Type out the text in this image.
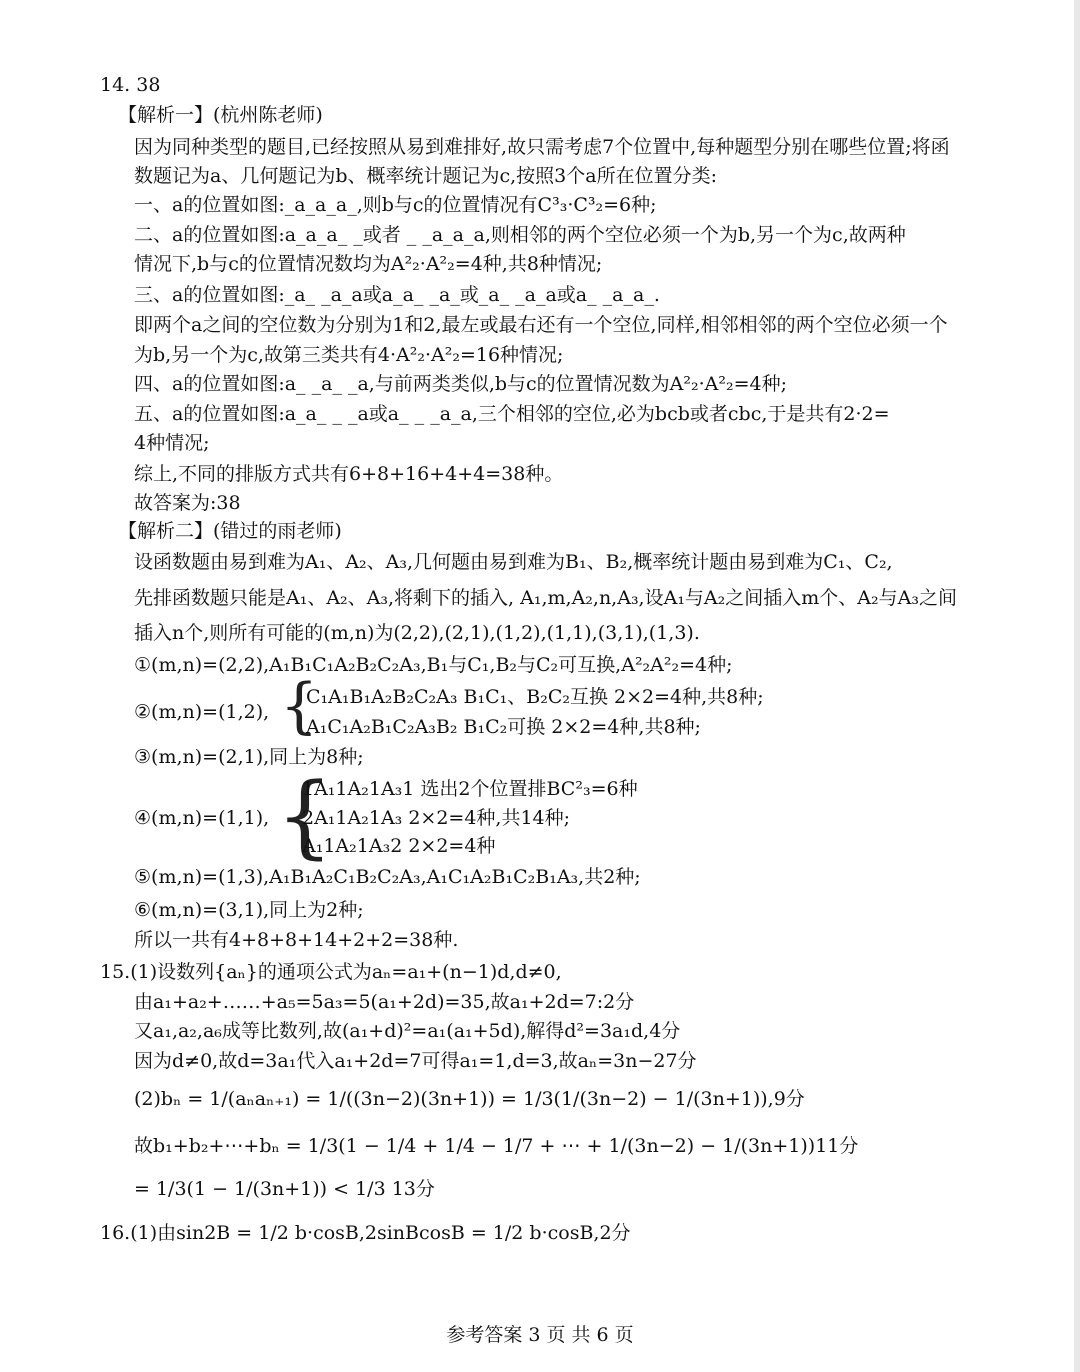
14. 38
【解析一】(杭州陈老师)
因为同种类型的题目,已经按照从易到难排好,故只需考虑7个位置中,每种题型分别在哪些位置;将函
数题记为a、几何题记为b、概率统计题记为c,按照3个a所在位置分类:
一、a的位置如图:_a_a_a_,则b与c的位置情况有C³₃·C³₂=6种;
二、a的位置如图:a_a_a_ _或者 _ _a_a_a,则相邻的两个空位必须一个为b,另一个为c,故两种
情况下,b与c的位置情况数均为A²₂·A²₂=4种,共8种情况;
三、a的位置如图:_a_ _a_a或a_a_ _a_或_a_ _a_a或a_ _a_a_.
即两个a之间的空位数为分别为1和2,最左或最右还有一个空位,同样,相邻相邻的两个空位必须一个
为b,另一个为c,故第三类共有4·A²₂·A²₂=16种情况;
四、a的位置如图:a_ _a_ _a,与前两类类似,b与c的位置情况数为A²₂·A²₂=4种;
五、a的位置如图:a_a_ _ _a或a_ _ _a_a,三个相邻的空位,必为bcb或者cbc,于是共有2·2=
4种情况;
综上,不同的排版方式共有6+8+16+4+4=38种。
故答案为:38
【解析二】(错过的雨老师)
设函数题由易到难为A₁、A₂、A₃,几何题由易到难为B₁、B₂,概率统计题由易到难为C₁、C₂,
先排函数题只能是A₁、A₂、A₃,将剩下的插入, A₁,m,A₂,n,A₃,设A₁与A₂之间插入m个、A₂与A₃之间
插入n个,则所有可能的(m,n)为(2,2),(2,1),(1,2),(1,1),(3,1),(1,3).
①(m,n)=(2,2),A₁B₁C₁A₂B₂C₂A₃,B₁与C₁,B₂与C₂可互换,A²₂A²₂=4种;
②(m,n)=(1,2), {
C₁A₁B₁A₂B₂C₂A₃ B₁C₁、B₂C₂互换 2×2=4种,共8种;
A₁C₁A₂B₁C₂A₃B₂ B₁C₂可换 2×2=4种,共8种;
③(m,n)=(2,1),同上为8种;
④(m,n)=(1,1), {
1A₁1A₂1A₃1 选出2个位置排BC²₃=6种
2A₁1A₂1A₃ 2×2=4种,共14种;
A₁1A₂1A₃2 2×2=4种
⑤(m,n)=(1,3),A₁B₁A₂C₁B₂C₂A₃,A₁C₁A₂B₁C₂B₁A₃,共2种;
⑥(m,n)=(3,1),同上为2种;
所以一共有4+8+8+14+2+2=38种.
15.(1)设数列{aₙ}的通项公式为aₙ=a₁+(n−1)d,d≠0,
由a₁+a₂+……+a₅=5a₃=5(a₁+2d)=35,故a₁+2d=7:2分
又a₁,a₂,a₆成等比数列,故(a₁+d)²=a₁(a₁+5d),解得d²=3a₁d,4分
因为d≠0,故d=3a₁代入a₁+2d=7可得a₁=1,d=3,故aₙ=3n−27分
(2)bₙ = 1/(aₙaₙ₊₁) = 1/((3n−2)(3n+1)) = 1/3(1/(3n−2) − 1/(3n+1)),9分
故b₁+b₂+⋯+bₙ = 1/3(1 − 1/4 + 1/4 − 1/7 + ⋯ + 1/(3n−2) − 1/(3n+1))11分
= 1/3(1 − 1/(3n+1)) < 1/3 13分
16.(1)由sin2B = 1/2 b·cosB,2sinBcosB = 1/2 b·cosB,2分
参考答案 3 页 共 6 页
